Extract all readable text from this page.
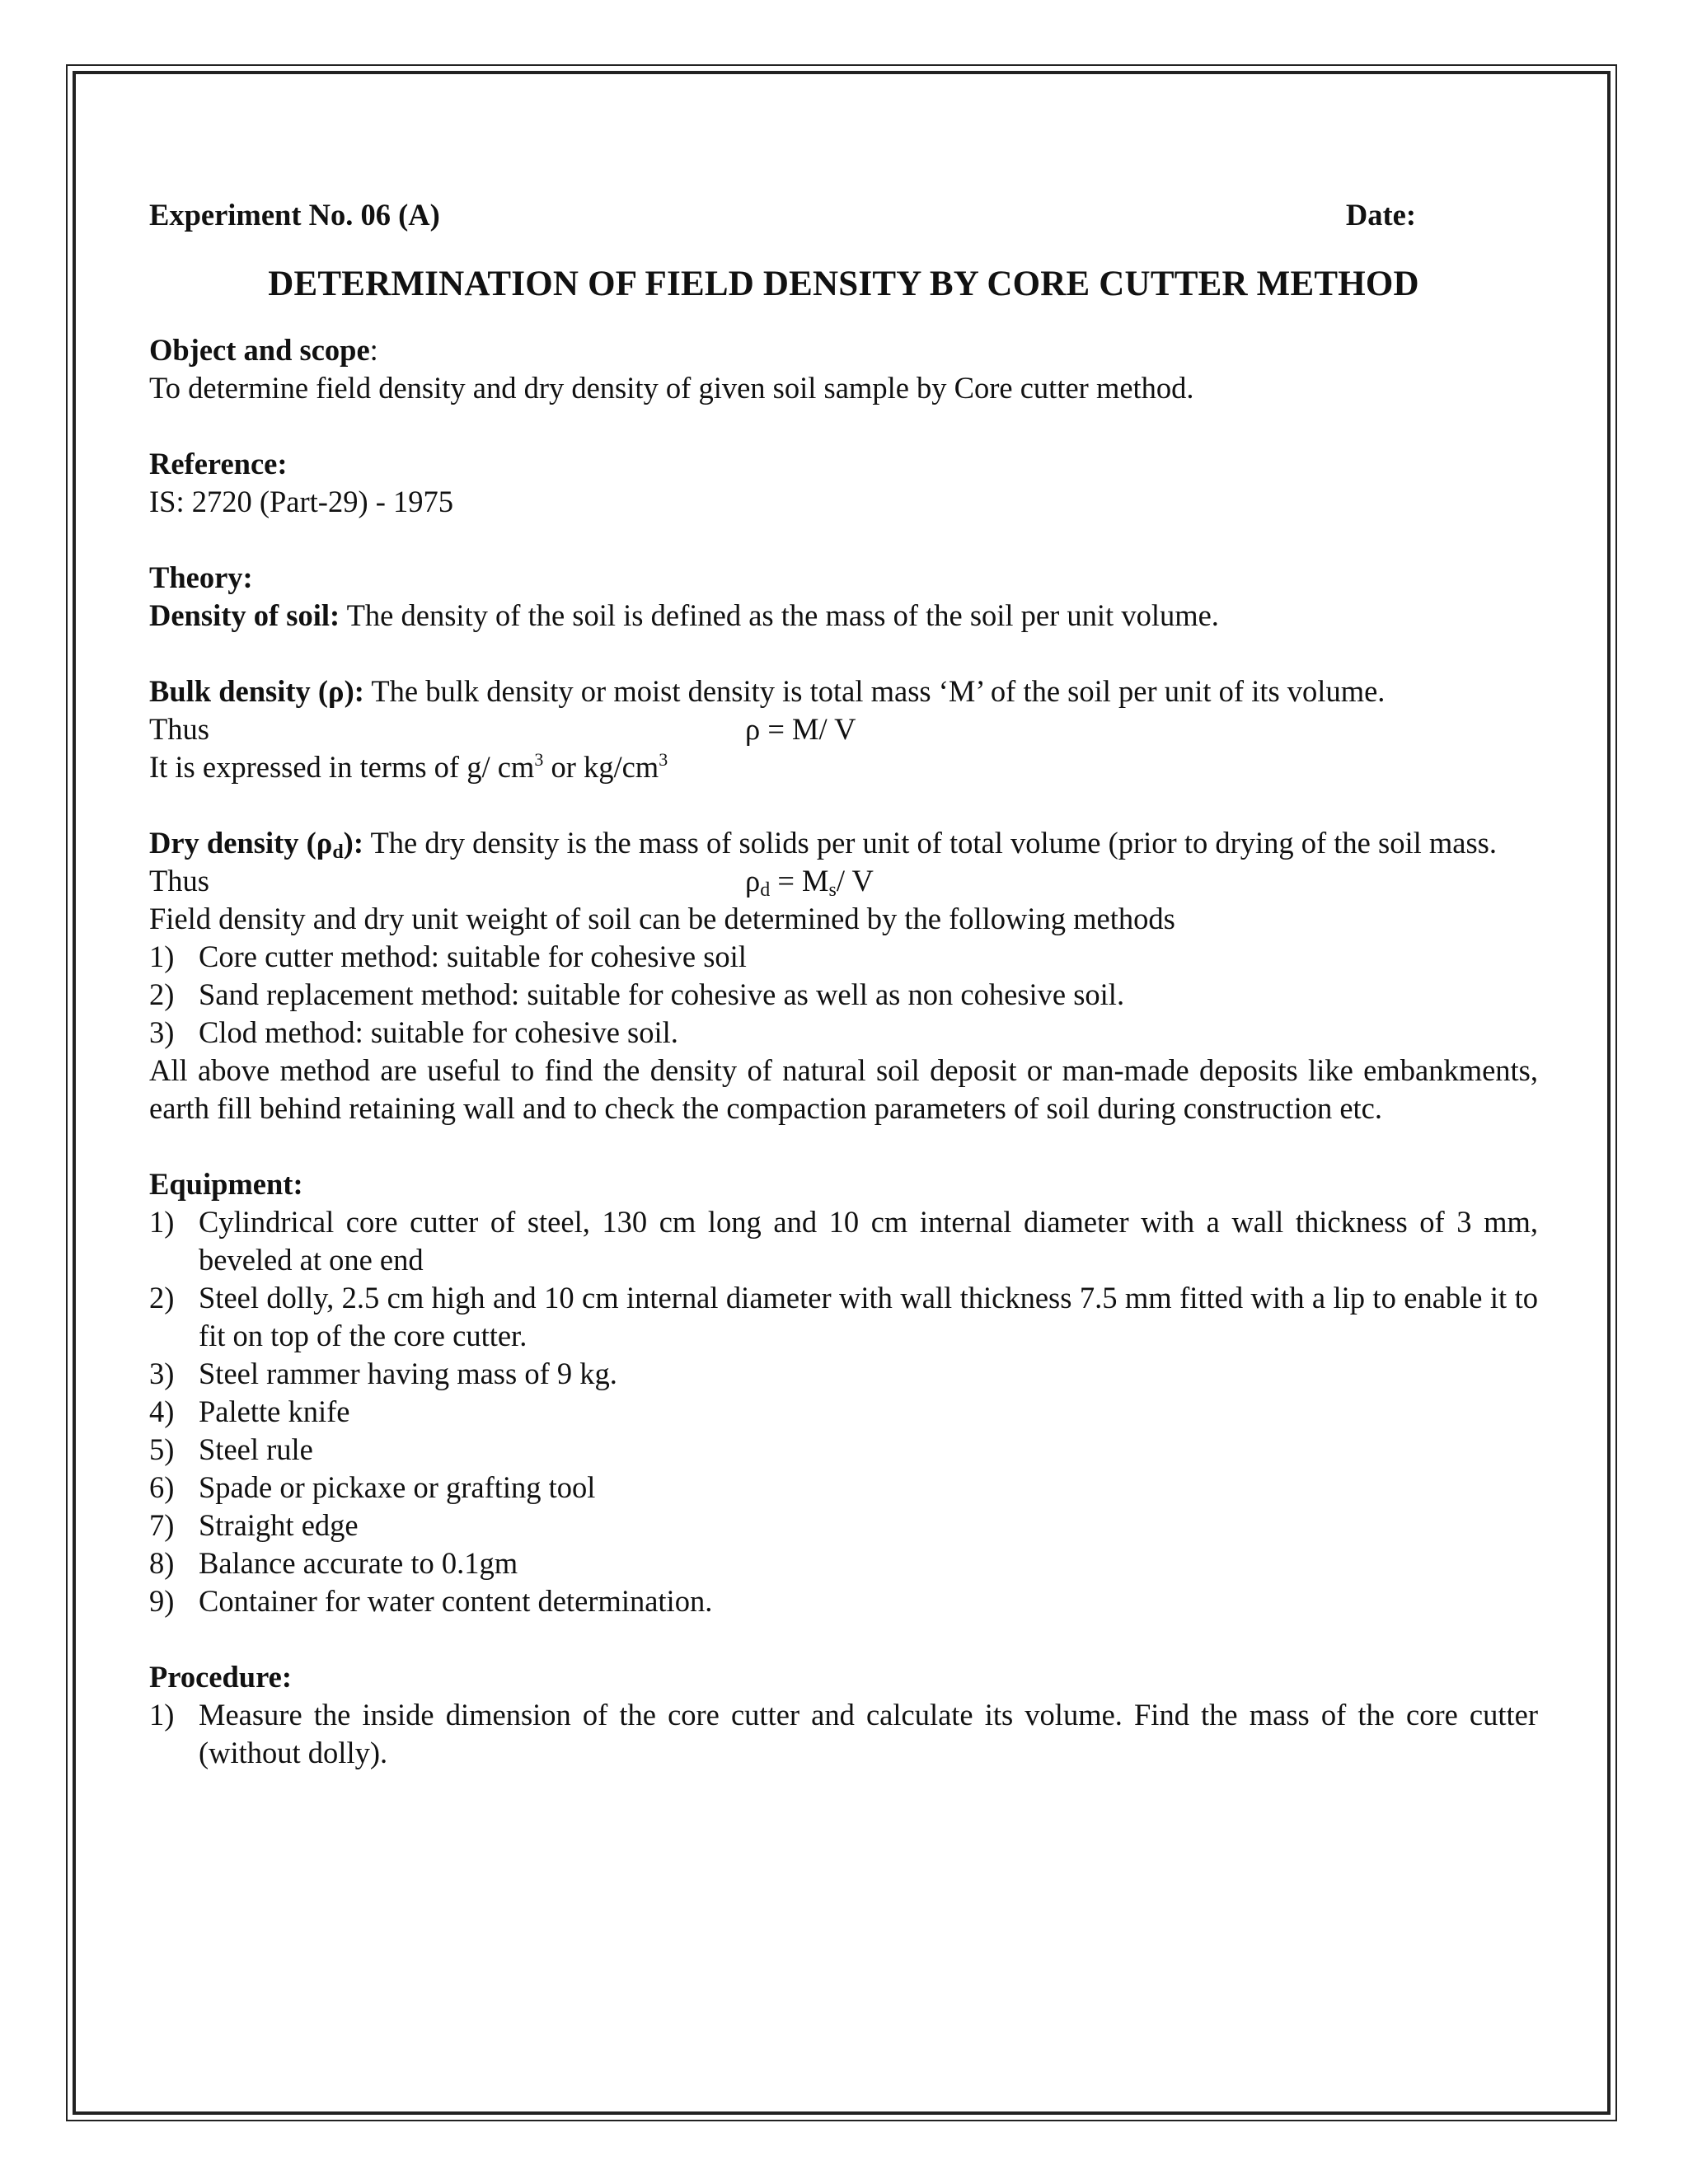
Experiment No. 06 (A)	Date:
DETERMINATION OF FIELD DENSITY BY CORE CUTTER METHOD
Object and scope:
To determine field density and dry density of given soil sample by Core cutter method.
Reference:
IS: 2720 (Part-29) - 1975
Theory:
Density of soil: The density of the soil is defined as the mass of the soil per unit volume.
Bulk density (ρ): The bulk density or moist density is total mass ‘M’ of the soil per unit of its volume.
Thus	ρ = M/ V
It is expressed in terms of g/ $cm^3$ or $kg/cm^3$
Dry density $(\rho_d)$: The dry density is the mass of solids per unit of total volume (prior to drying of the soil mass.
Thus	$\rho_d = M_s/$ V
Field density and dry unit weight of soil can be determined by the following methods
1) Core cutter method: suitable for cohesive soil
2) Sand replacement method: suitable for cohesive as well as non cohesive soil.
3) Clod method: suitable for cohesive soil.
All above method are useful to find the density of natural soil deposit or man-made deposits like embankments, earth fill behind retaining wall and to check the compaction parameters of soil during construction etc.
Equipment:
1) Cylindrical core cutter of steel, 130 cm long and 10 cm internal diameter with a wall thickness of 3 mm, beveled at one end
2) Steel dolly, 2.5 cm high and 10 cm internal diameter with wall thickness 7.5 mm fitted with a lip to enable it to fit on top of the core cutter.
3) Steel rammer having mass of 9 kg.
4) Palette knife
5) Steel rule
6) Spade or pickaxe or grafting tool
7) Straight edge
8) Balance accurate to 0.1gm
9) Container for water content determination.
Procedure:
1) Measure the inside dimension of the core cutter and calculate its volume. Find the mass of the core cutter (without dolly).
